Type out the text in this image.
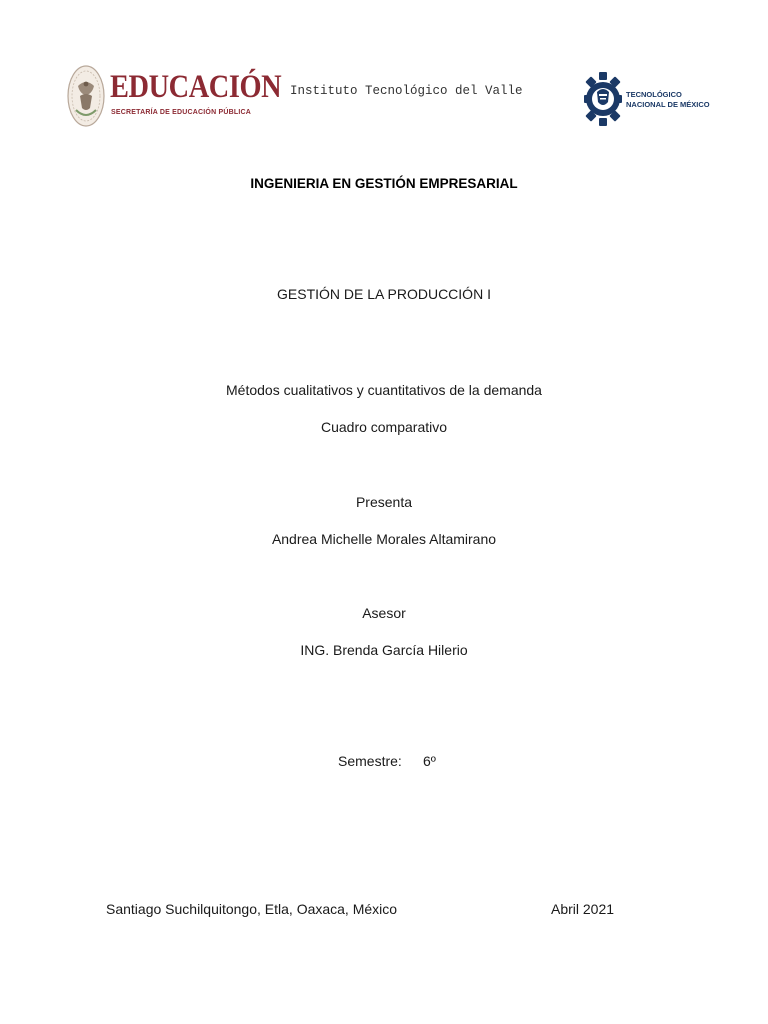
EDUCACIÓN
SECRETARÍA DE EDUCACIÓN PÚBLICA
Instituto Tecnológico del Valle	TECNOLÓGICO
NACIONAL DE MÉXICO
INGENIERIA EN GESTIÓN EMPRESARIAL
GESTIÓN DE LA PRODUCCIÓN I
Métodos cualitativos y cuantitativos de la demanda
Cuadro comparativo
Presenta
Andrea Michelle Morales Altamirano
Asesor
ING. Brenda García Hilerio
Semestre: 6º
Santiago Suchilquitongo, Etla, Oaxaca, México	Abril 2021
